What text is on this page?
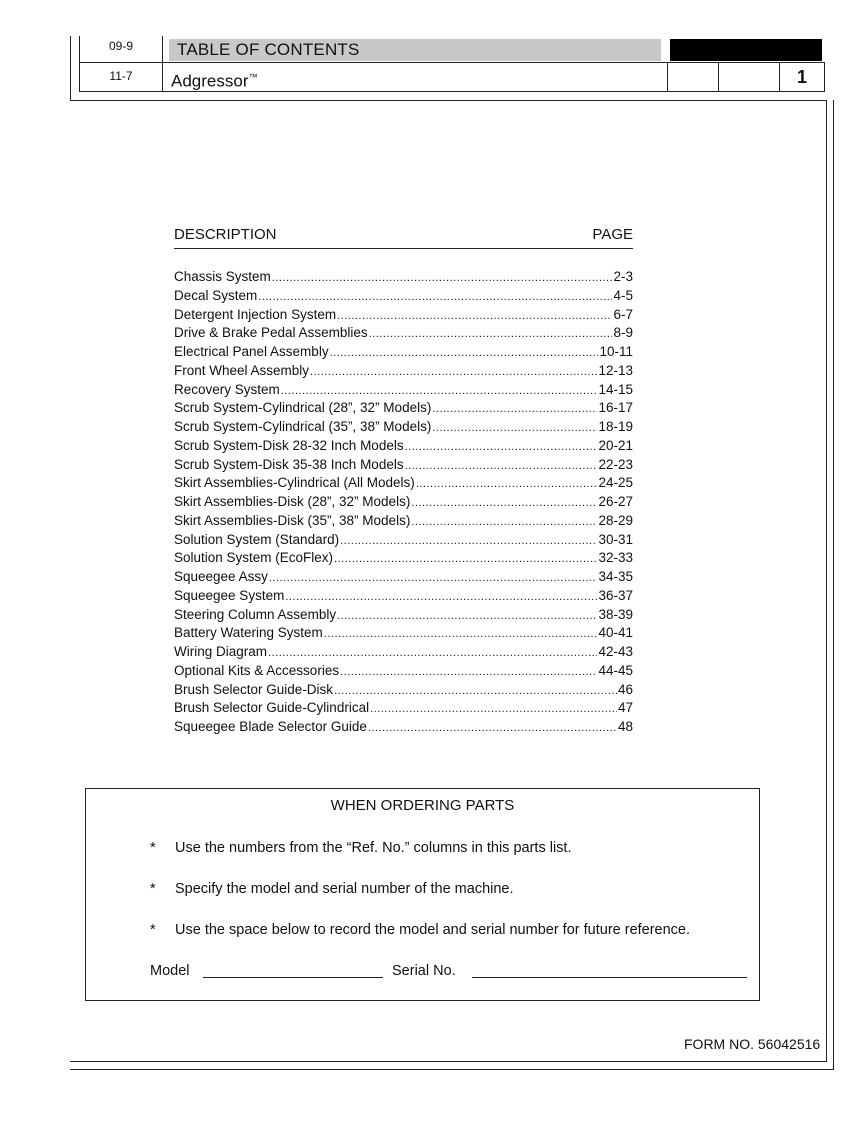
09-9
11-7
TABLE OF CONTENTS
Adgressor™	1
DESCRIPTION	PAGE
Chassis System .....	2-3
Decal System .....	4-5
Detergent Injection System .....	6-7
Drive & Brake Pedal Assemblies .....	8-9
Electrical Panel Assembly .....	10-11
Front Wheel Assembly .....	12-13
Recovery System .....	14-15
Scrub System-Cylindrical (28”, 32” Models) .....	16-17
Scrub System-Cylindrical (35”, 38” Models) .....	18-19
Scrub System-Disk 28-32 Inch Models .....	20-21
Scrub System-Disk 35-38 Inch Models .....	22-23
Skirt Assemblies-Cylindrical (All Models) .....	24-25
Skirt Assemblies-Disk (28”, 32” Models) .....	26-27
Skirt Assemblies-Disk (35”, 38” Models) .....	28-29
Solution System (Standard) .....	30-31
Solution System (EcoFlex) .....	32-33
Squeegee Assy .....	34-35
Squeegee System .....	36-37
Steering Column Assembly .....	38-39
Battery Watering System .....	40-41
Wiring Diagram .....	42-43
Optional Kits & Accessories .....	44-45
Brush Selector Guide-Disk .....	46
Brush Selector Guide-Cylindrical .....	47
Squeegee Blade Selector Guide .....	48
WHEN ORDERING PARTS
* Use the numbers from the “Ref. No.” columns in this parts list.
* Specify the model and serial number of the machine.
* Use the space below to record the model and serial number for future reference.
Model	Serial No.
FORM NO. 56042516
